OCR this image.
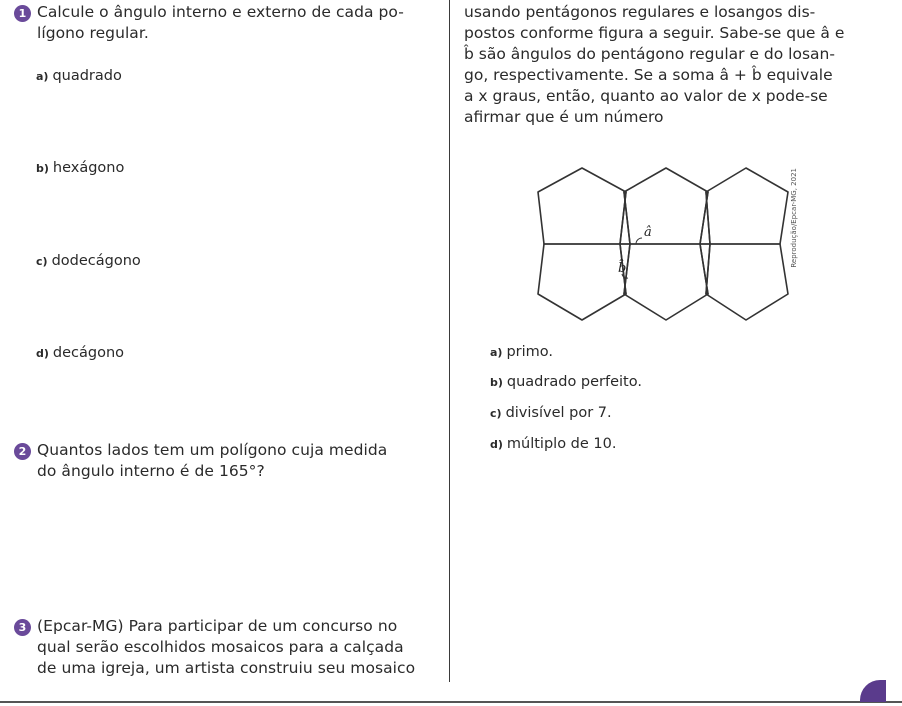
1 Calcule o ângulo interno e externo de cada po-
lígono regular.
a) quadrado
b) hexágono
c) dodecágono
d) decágono
2 Quantos lados tem um polígono cuja medida
do ângulo interno é de 165°?
3 (Epcar-MG) Para participar de um concurso no
qual serão escolhidos mosaicos para a calçada
de uma igreja, um artista construiu seu mosaico
usando pentágonos regulares e losangos dis-
postos conforme figura a seguir. Sabe-se que â e
b̂ são ângulos do pentágono regular e do losan-
go, respectivamente. Se a soma â + b̂ equivale
a x graus, então, quanto ao valor de x pode-se
afirmar que é um número
a) primo.
b) quadrado perfeito.
c) divisível por 7.
d) múltiplo de 10.
â
b̂
Reprodução/Epcar-MG, 2021
